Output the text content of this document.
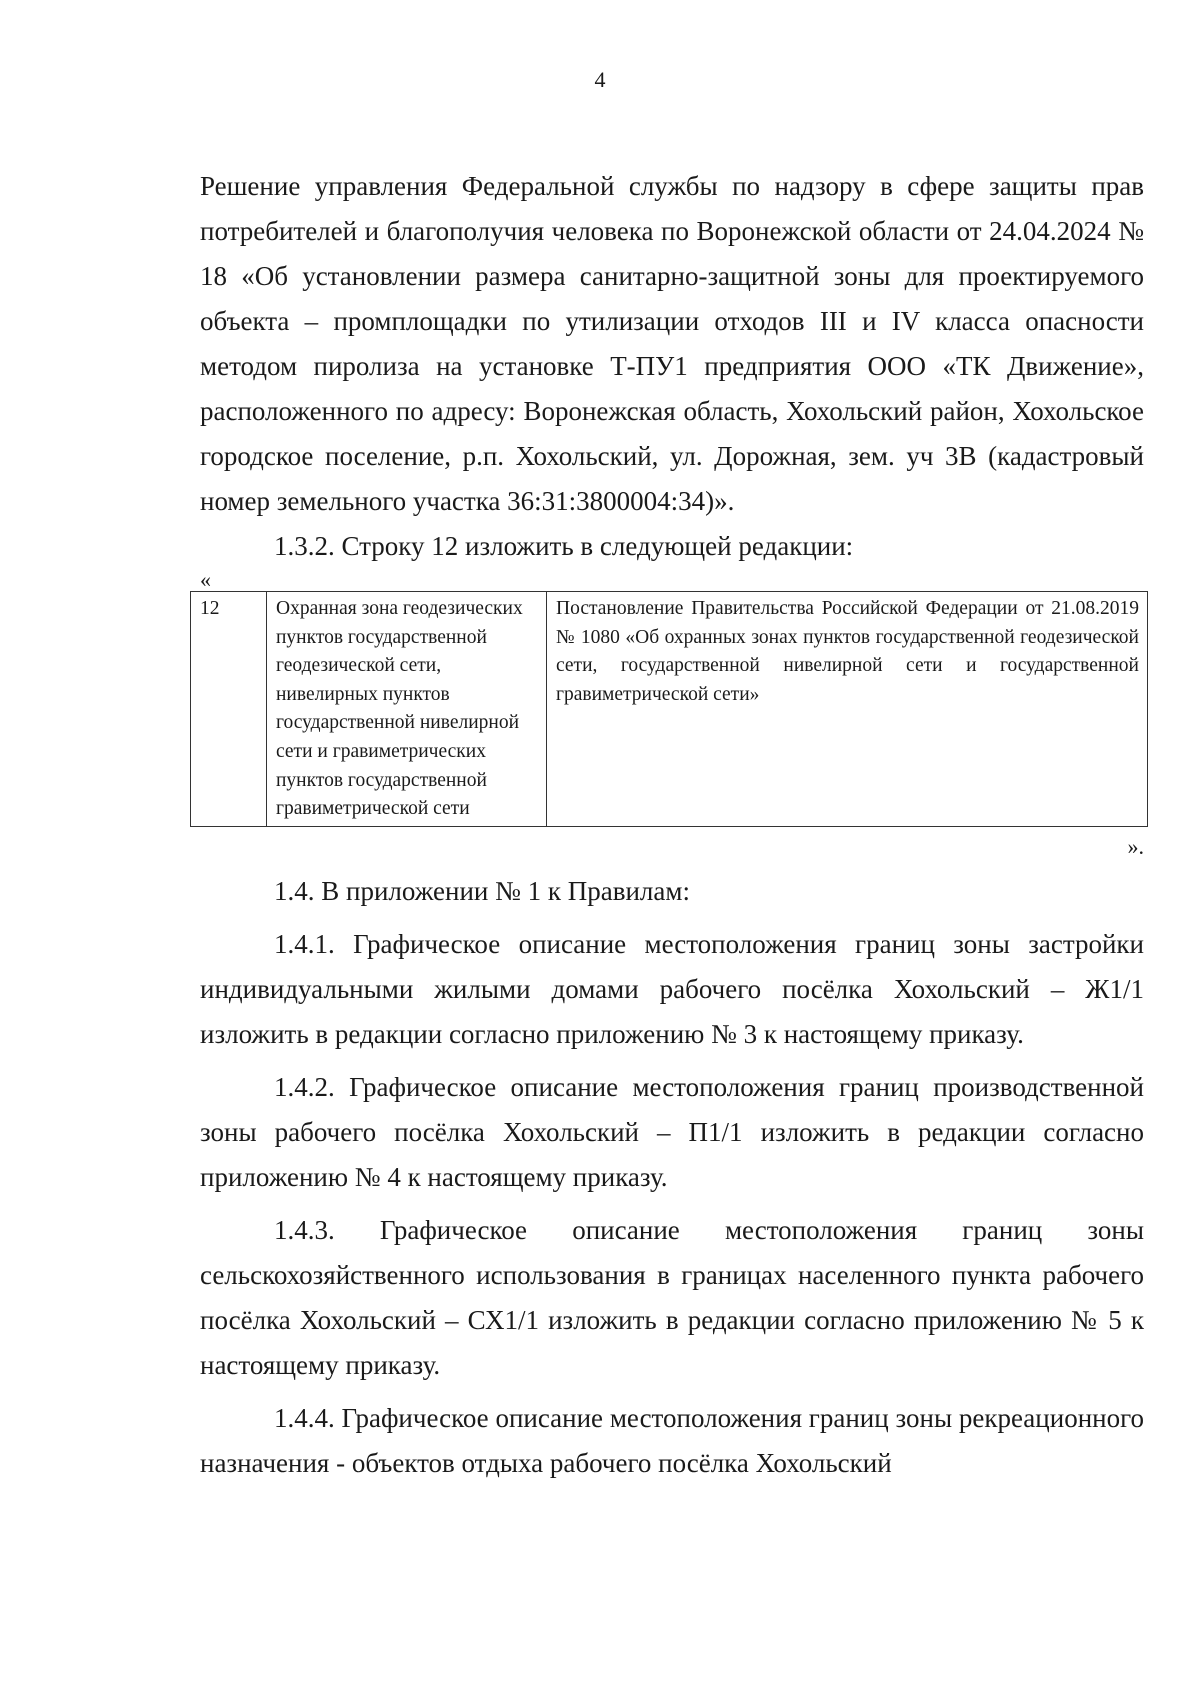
4

Решение управления Федеральной службы по надзору в сфере защиты прав потребителей и благополучия человека по Воронежской области от 24.04.2024 № 18 «Об установлении размера санитарно-защитной зоны для проектируемого объекта – промплощадки по утилизации отходов III и IV класса опасности методом пиролиза на установке Т-ПУ1 предприятия ООО «ТК Движение», расположенного по адресу: Воронежская область, Хохольский район, Хохольское городское поселение, р.п. Хохольский, ул. Дорожная, зем. уч 3В (кадастровый номер земельного участка 36:31:3800004:34)».

1.3.2. Строку 12 изложить в следующей редакции:

«
12	Охранная зона геодезических пунктов государственной геодезической сети, нивелирных пунктов государственной нивелирной сети и гравиметрических пунктов государственной гравиметрической сети	Постановление Правительства Российской Федерации от 21.08.2019 № 1080 «Об охранных зонах пунктов государственной геодезической сети, государственной нивелирной сети и государственной гравиметрической сети»
».

1.4. В приложении № 1 к Правилам:

1.4.1. Графическое описание местоположения границ зоны застройки индивидуальными жилыми домами рабочего посёлка Хохольский – Ж1/1 изложить в редакции согласно приложению № 3 к настоящему приказу.

1.4.2. Графическое описание местоположения границ производственной зоны рабочего посёлка Хохольский – П1/1 изложить в редакции согласно приложению № 4 к настоящему приказу.

1.4.3. Графическое описание местоположения границ зоны сельскохозяйственного использования в границах населенного пункта рабочего посёлка Хохольский – СХ1/1 изложить в редакции согласно приложению № 5 к настоящему приказу.

1.4.4. Графическое описание местоположения границ зоны рекреационного назначения - объектов отдыха рабочего посёлка Хохольский
